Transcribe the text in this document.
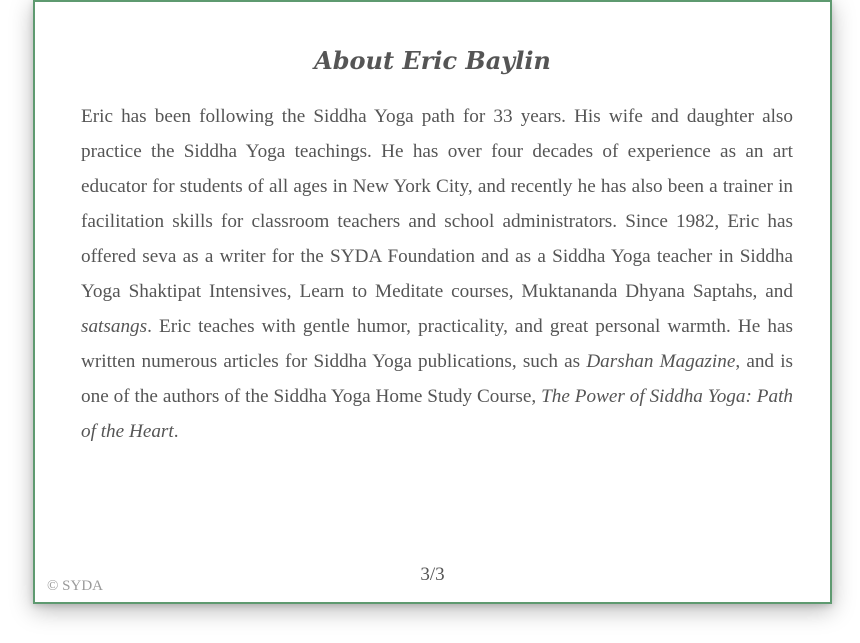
About Eric Baylin

Eric has been following the Siddha Yoga path for 33 years. His wife and daughter also practice the Siddha Yoga teachings. He has over four decades of experience as an art educator for students of all ages in New York City, and recently he has also been a trainer in facilitation skills for classroom teachers and school administrators. Since 1982, Eric has offered seva as a writer for the SYDA Foundation and as a Siddha Yoga teacher in Siddha Yoga Shaktipat Intensives, Learn to Meditate courses, Muktananda Dhyana Saptahs, and satsangs. Eric teaches with gentle humor, practicality, and great personal warmth. He has written numerous articles for Siddha Yoga publications, such as Darshan Magazine, and is one of the authors of the Siddha Yoga Home Study Course, The Power of Siddha Yoga: Path of the Heart.

3/3
© SYDA
